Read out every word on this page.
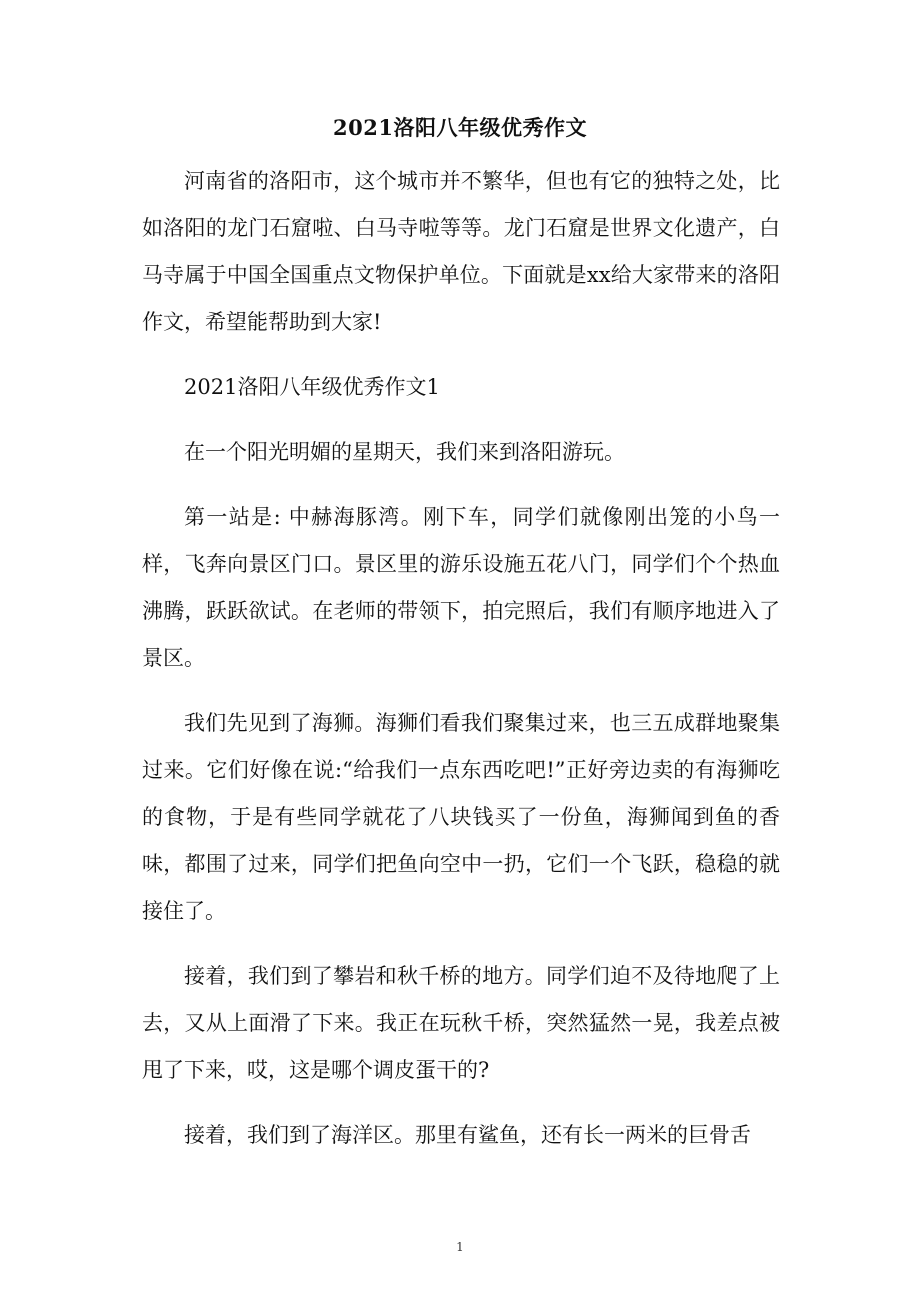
2021洛阳八年级优秀作文

河南省的洛阳市，这个城市并不繁华，但也有它的独特之处，比如洛阳的龙门石窟啦、白马寺啦等等。龙门石窟是世界文化遗产，白马寺属于中国全国重点文物保护单位。下面就是xx给大家带来的洛阳作文，希望能帮助到大家!

2021洛阳八年级优秀作文1

在一个阳光明媚的星期天，我们来到洛阳游玩。

第一站是: 中赫海豚湾。刚下车，同学们就像刚出笼的小鸟一样，飞奔向景区门口。景区里的游乐设施五花八门，同学们个个热血沸腾，跃跃欲试。在老师的带领下，拍完照后，我们有顺序地进入了景区。

我们先见到了海狮。海狮们看我们聚集过来，也三五成群地聚集过来。它们好像在说:“给我们一点东西吃吧!”正好旁边卖的有海狮吃的食物，于是有些同学就花了八块钱买了一份鱼，海狮闻到鱼的香味，都围了过来，同学们把鱼向空中一扔，它们一个飞跃，稳稳的就接住了。

接着，我们到了攀岩和秋千桥的地方。同学们迫不及待地爬了上去，又从上面滑了下来。我正在玩秋千桥，突然猛然一晃，我差点被甩了下来，哎，这是哪个调皮蛋干的?

接着，我们到了海洋区。那里有鲨鱼，还有长一两米的巨骨舌

1
